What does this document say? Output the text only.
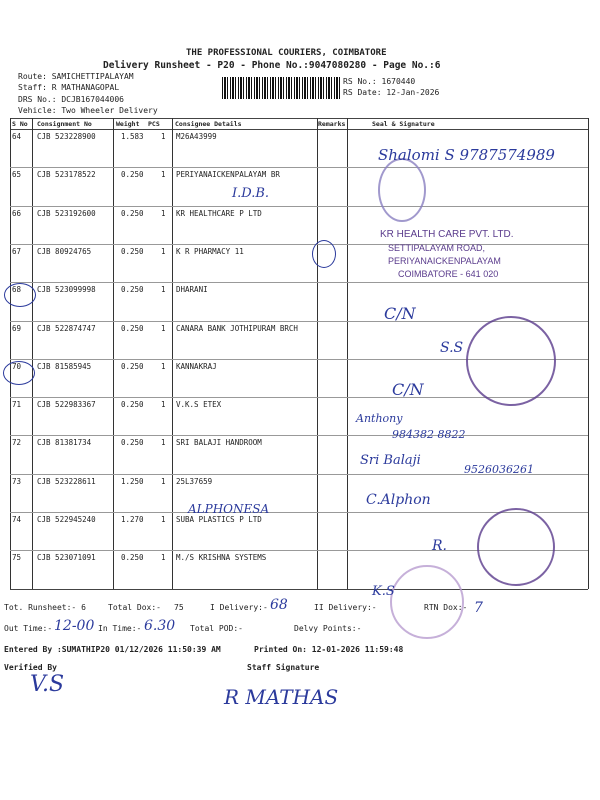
THE PROFESSIONAL COURIERS, COIMBATORE
Delivery Runsheet - P20 - Phone No.:9047080280 - Page No.:6
Route: SAMICHETTIPALAYAM
Staff: R MATHANAGOPAL
DRS No.: DCJB167044006
Vehicle: Two Wheeler Delivery
RS No.: 1670440
RS Date: 12-Jan-2026
S No Consignment No	Weight PCS Consignee Details	Remarks	Seal & Signature
64 CJB 523228900	1.583 1 M26A43999
65 CJB 523178522	0.250 1 PERIYANAICKENPALAYAM BR
66 CJB 523192600	0.250 1 KR HEALTHCARE P LTD
67 CJB 80924765	0.250 1 K R PHARMACY 11
68 CJB 523099998	0.250 1 DHARANI
69 CJB 522874747	0.250 1 CANARA BANK JOTHIPURAM BRCH
70 CJB 81585945	0.250 1 KANNAKRAJ
71 CJB 522983367	0.250 1 V.K.S ETEX
72 CJB 81381734	0.250 1 SRI BALAJI HANDROOM
73 CJB 523228611	1.250 1 25L37659
74 CJB 522945240	1.270 1 SUBA PLASTICS P LTD
75 CJB 523071091	0.250 1 M./S KRISHNA SYSTEMS
KR HEALTH CARE PVT. LTD.
SETTIPALAYAM ROAD,
PERIYANAICKENPALAYAM
COIMBATORE - 641 020
Shalomi S 9787574989
I.D.B.
C/N
S.S
C/N
Anthony
984382 8822
Sri Balaji
9526036261
ALPHONESA
C.Alphon
R.
K.S
Tot. Runsheet:- 6	Total Dox:- 75	I Delivery:- 68	II Delivery:-	RTN Dox:- 7
Out Time:- 12-00 In Time:- 6.30 Total POD:-	Delvy Points:-
Entered By :SUMATHIP20 01/12/2026 11:50:39 AM	Printed On: 12-01-2026 11:59:48
Verified By	Staff Signature
V.S	R MATHAS
